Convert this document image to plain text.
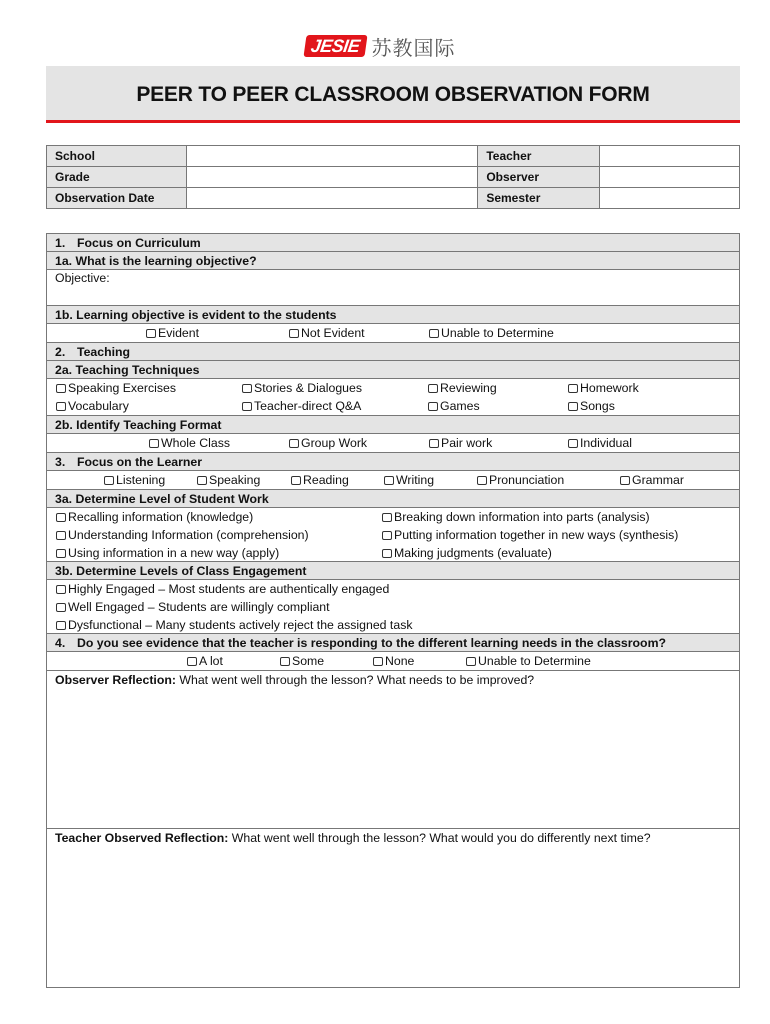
JESIE 苏教国际
PEER TO PEER CLASSROOM OBSERVATION FORM
School		Teacher	
Grade		Observer	
Observation Date		Semester	
1. Focus on Curriculum
1a. What is the learning objective?
Objective:
1b. Learning objective is evident to the students
Evident	Not Evident	Unable to Determine
2. Teaching
2a. Teaching Techniques
Speaking Exercises	Stories & Dialogues	Reviewing	Homework
Vocabulary	Teacher-direct Q&A	Games	Songs
2b. Identify Teaching Format
Whole Class	Group Work	Pair work	Individual
3. Focus on the Learner
Listening	Speaking	Reading	Writing	Pronunciation	Grammar
3a. Determine Level of Student Work
Recalling information (knowledge)	Breaking down information into parts (analysis)
Understanding Information (comprehension)	Putting information together in new ways (synthesis)
Using information in a new way (apply)	Making judgments (evaluate)
3b. Determine Levels of Class Engagement
Highly Engaged – Most students are authentically engaged
Well Engaged – Students are willingly compliant
Dysfunctional – Many students actively reject the assigned task
4. Do you see evidence that the teacher is responding to the different learning needs in the classroom?
A lot	Some	None	Unable to Determine
Observer Reflection: What went well through the lesson? What needs to be improved?
Teacher Observed Reflection: What went well through the lesson? What would you do differently next time?
